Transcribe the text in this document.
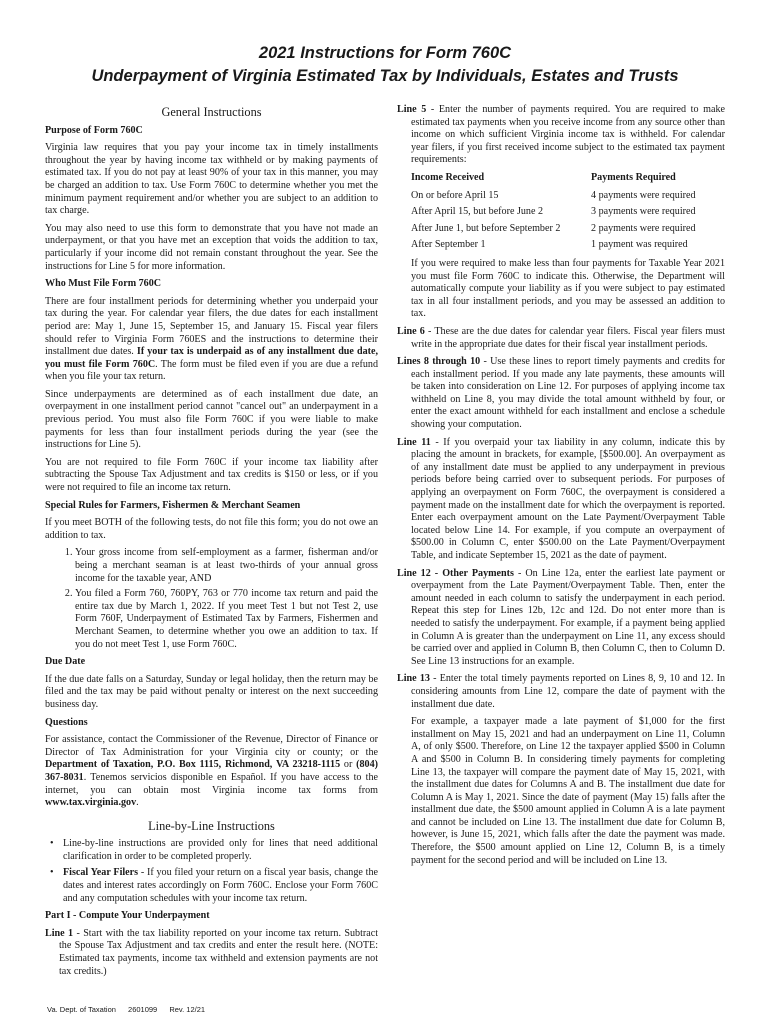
2021 Instructions for Form 760C
Underpayment of Virginia Estimated Tax by Individuals, Estates and Trusts
General Instructions

Purpose of Form 760C

Virginia law requires that you pay your income tax in timely installments throughout the year by having income tax withheld or by making payments of estimated tax. If you do not pay at least 90% of your tax in this manner, you may be charged an addition to tax. Use Form 760C to determine whether you met the minimum payment requirement and/or whether you are subject to an addition to tax charge.

You may also need to use this form to demonstrate that you have not made an underpayment, or that you have met an exception that voids the addition to tax, particularly if your income did not remain constant throughout the year. See the instructions for Line 5 for more information.

Who Must File Form 760C

There are four installment periods for determining whether you underpaid your tax during the year. For calendar year filers, the due dates for each installment period are: May 1, June 15, September 15, and January 15. Fiscal year filers should refer to Virginia Form 760ES and the instructions to determine their installment due dates. If your tax is underpaid as of any installment due date, you must file Form 760C. The form must be filed even if you are due a refund when you file your tax return.

Since underpayments are determined as of each installment due date, an overpayment in one installment period cannot "cancel out" an underpayment in a previous period. You must also file Form 760C if you were liable to make payments for less than four installment periods during the year (see the instructions for Line 5).

You are not required to file Form 760C if your income tax liability after subtracting the Spouse Tax Adjustment and tax credits is $150 or less, or if you were not required to file an income tax return.

Special Rules for Farmers, Fishermen & Merchant Seamen

If you meet BOTH of the following tests, do not file this form; you do not owe an addition to tax.

1. Your gross income from self-employment as a farmer, fisherman and/or being a merchant seaman is at least two-thirds of your annual gross income for the taxable year, AND
2. You filed a Form 760, 760PY, 763 or 770 income tax return and paid the entire tax due by March 1, 2022. If you meet Test 1 but not Test 2, use Form 760F, Underpayment of Estimated Tax by Farmers, Fishermen and Merchant Seamen, to determine whether you owe an addition to tax. If you do not meet Test 1, use Form 760C.

Due Date

If the due date falls on a Saturday, Sunday or legal holiday, then the return may be filed and the tax may be paid without penalty or interest on the next succeeding business day.

Questions

For assistance, contact the Commissioner of the Revenue, Director of Finance or Director of Tax Administration for your Virginia city or county; or the Department of Taxation, P.O. Box 1115, Richmond, VA 23218-1115 or (804) 367-8031. Tenemos servicios disponible en Español. If you have access to the internet, you can obtain most Virginia income tax forms from www.tax.virginia.gov.

Line-by-Line Instructions
• Line-by-line instructions are provided only for lines that need additional clarification in order to be completed properly.
• Fiscal Year Filers - If you filed your return on a fiscal year basis, change the dates and interest rates accordingly on Form 760C. Enclose your Form 760C and any computation schedules with your income tax return.

Part I - Compute Your Underpayment

Line 1 - Start with the tax liability reported on your income tax return. Subtract the Spouse Tax Adjustment and tax credits and enter the result here. (NOTE: Estimated tax payments, income tax withheld and extension payments are not tax credits.)

Line 5 - Enter the number of payments required. You are required to make estimated tax payments when you receive income from any source other than income on which sufficient Virginia income tax is withheld. For calendar year filers, if you first received income subject to the estimated tax payment requirements:

Income Received	Payments Required
On or before April 15	4 payments were required
After April 15, but before June 2	3 payments were required
After June 1, but before September 2	2 payments were required
After September 1	1 payment was required

If you were required to make less than four payments for Taxable Year 2021 you must file Form 760C to indicate this. Otherwise, the Department will automatically compute your liability as if you were subject to pay estimated tax in all four installment periods, and you may be assessed an addition to tax.

Line 6 - These are the due dates for calendar year filers. Fiscal year filers must write in the appropriate due dates for their fiscal year installment periods.

Lines 8 through 10 - Use these lines to report timely payments and credits for each installment period. If you made any late payments, these amounts will be taken into consideration on Line 12. For purposes of applying income tax withheld on Line 8, you may divide the total amount withheld by four, or enter the exact amount withheld for each installment and enclose a schedule showing your computation.

Line 11 - If you overpaid your tax liability in any column, indicate this by placing the amount in brackets, for example, [$500.00]. An overpayment as of any installment date must be applied to any underpayment in previous periods before being carried over to subsequent periods. For purposes of applying an overpayment on Form 760C, the overpayment is considered a payment made on the installment date for which the overpayment is reported. Enter each overpayment amount on the Late Payment/Overpayment Table located below Line 14. For example, if you compute an overpayment of $500.00 in Column C, enter $500.00 on the Late Payment/Overpayment Table, and indicate September 15, 2021 as the date of payment.

Line 12 - Other Payments - On Line 12a, enter the earliest late payment or overpayment from the Late Payment/Overpayment Table. Then, enter the amount needed in each column to satisfy the underpayment in each period. Repeat this step for Lines 12b, 12c and 12d. Do not enter more than is needed to satisfy the underpayment. For example, if a payment being applied in Column A is greater than the underpayment on Line 11, any excess should be carried over and applied in Column B, then Column C, then to Column D. See Line 13 instructions for an example.

Line 13 - Enter the total timely payments reported on Lines 8, 9, 10 and 12. In considering amounts from Line 12, compare the date of payment with the installment due date.

For example, a taxpayer made a late payment of $1,000 for the first installment on May 15, 2021 and had an underpayment on Line 11, Column A, of only $500. Therefore, on Line 12 the taxpayer applied $500 in Column A and $500 in Column B. In considering timely payments for completing Line 13, the taxpayer will compare the payment date of May 15, 2021, with the installment due dates for Columns A and B. The installment due date for Column A is May 1, 2021. Since the date of payment (May 15) falls after the installment due date, the $500 amount applied in Column A is a late payment and cannot be included on Line 13. The installment due date for Column B, however, is June 15, 2021, which falls after the date the payment was made. Therefore, the $500 amount applied on Line 12, Column B, is a timely payment for the second period and will be included on Line 13.

Va. Dept. of Taxation 2601099 Rev. 12/21
